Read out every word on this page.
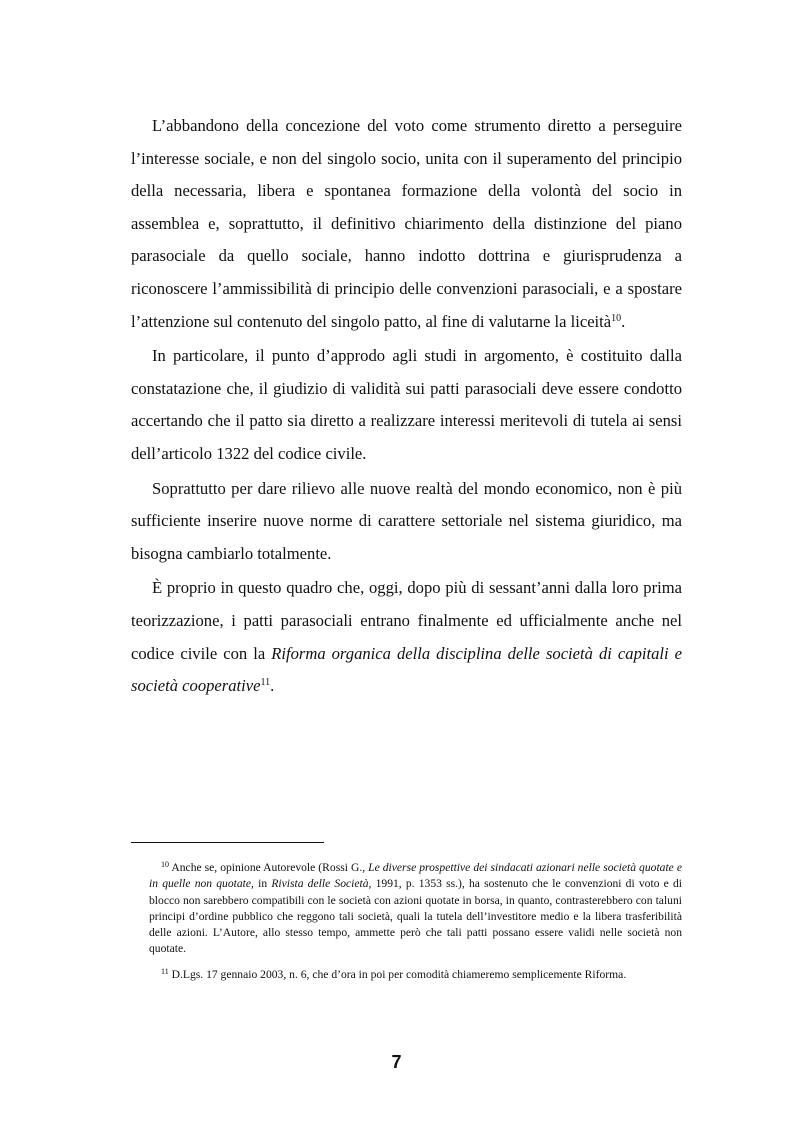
L’abbandono della concezione del voto come strumento diretto a perseguire l’interesse sociale, e non del singolo socio, unita con il superamento del principio della necessaria, libera e spontanea formazione della volontà del socio in assemblea e, soprattutto, il definitivo chiarimento della distinzione del piano parasociale da quello sociale, hanno indotto dottrina e giurisprudenza a riconoscere l’ammissibilità di principio delle convenzioni parasociali, e a spostare l’attenzione sul contenuto del singolo patto, al fine di valutarne la liceità$^{10}$.

In particolare, il punto d’approdo agli studi in argomento, è costituito dalla constatazione che, il giudizio di validità sui patti parasociali deve essere condotto accertando che il patto sia diretto a realizzare interessi meritevoli di tutela ai sensi dell’articolo 1322 del codice civile.

Soprattutto per dare rilievo alle nuove realtà del mondo economico, non è più sufficiente inserire nuove norme di carattere settoriale nel sistema giuridico, ma bisogna cambiarlo totalmente.

È proprio in questo quadro che, oggi, dopo più di sessant’anni dalla loro prima teorizzazione, i patti parasociali entrano finalmente ed ufficialmente anche nel codice civile con la Riforma organica della disciplina delle società di capitali e società cooperative$^{11}$.

$^{10}$ Anche se, opinione Autorevole (Rossi G., Le diverse prospettive dei sindacati azionari nelle società quotate e in quelle non quotate, in Rivista delle Società, 1991, p. 1353 ss.), ha sostenuto che le convenzioni di voto e di blocco non sarebbero compatibili con le società con azioni quotate in borsa, in quanto, contrasterebbero con taluni principi d’ordine pubblico che reggono tali società, quali la tutela dell’investitore medio e la libera trasferibilità delle azioni. L’Autore, allo stesso tempo, ammette però che tali patti possano essere validi nelle società non quotate.

$^{11}$ D.Lgs. 17 gennaio 2003, n. 6, che d’ora in poi per comodità chiameremo semplicemente Riforma.

7
